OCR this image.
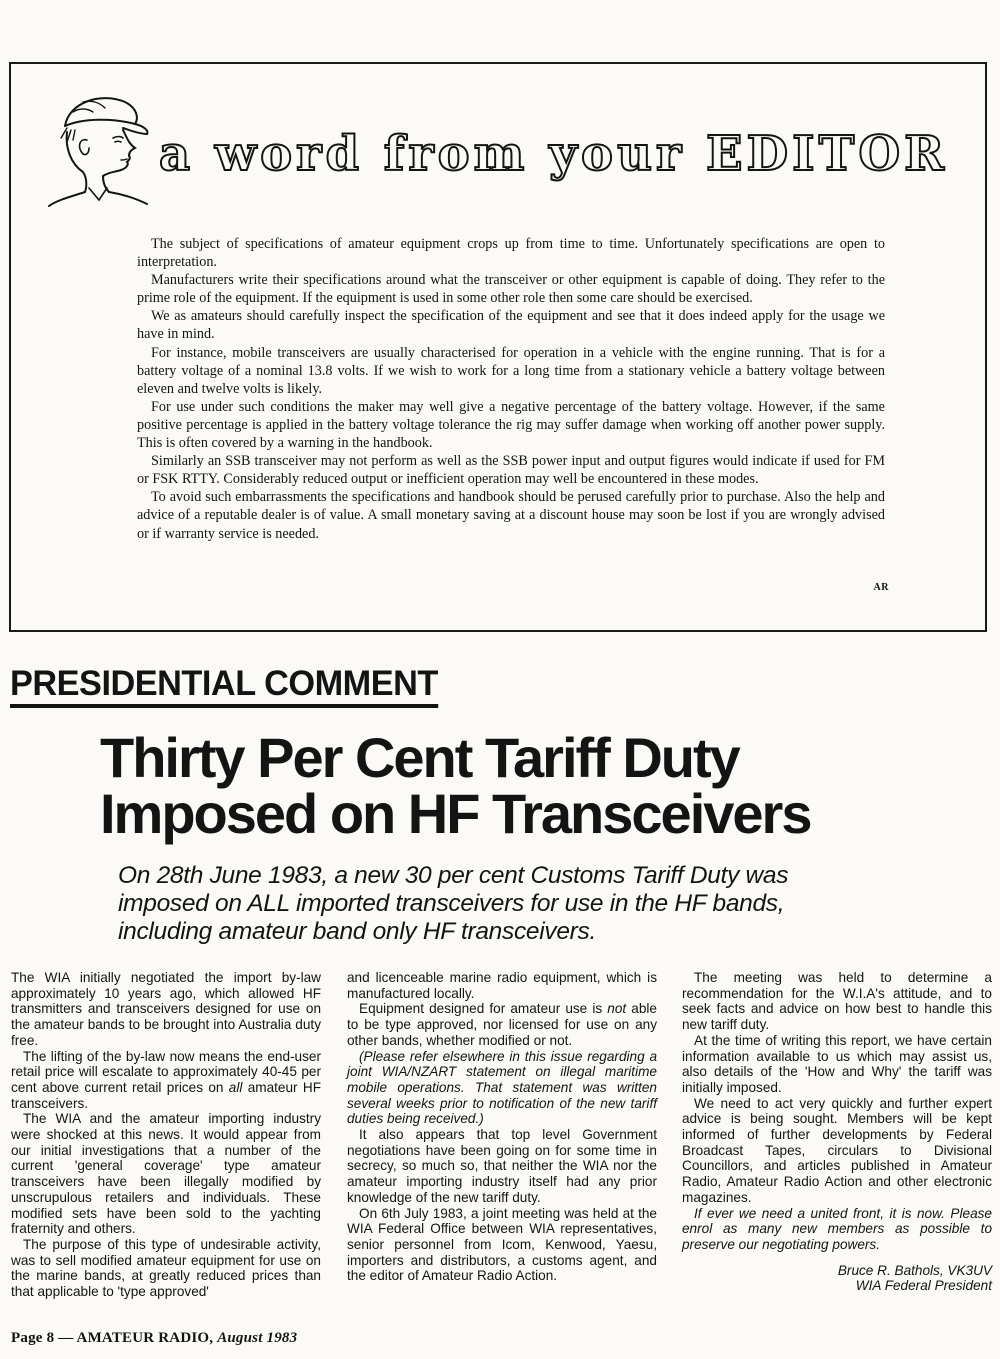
a word from your EDITOR

The subject of specifications of amateur equipment crops up from time to time. Unfortunately specifications are open to interpretation.

Manufacturers write their specifications around what the transceiver or other equipment is capable of doing. They refer to the prime role of the equipment. If the equipment is used in some other role then some care should be exercised.

We as amateurs should carefully inspect the specification of the equipment and see that it does indeed apply for the usage we have in mind.

For instance, mobile transceivers are usually characterised for operation in a vehicle with the engine running. That is for a battery voltage of a nominal 13.8 volts. If we wish to work for a long time from a stationary vehicle a battery voltage between eleven and twelve volts is likely.

For use under such conditions the maker may well give a negative percentage of the battery voltage. However, if the same positive percentage is applied in the battery voltage tolerance the rig may suffer damage when working off another power supply. This is often covered by a warning in the handbook.

Similarly an SSB transceiver may not perform as well as the SSB power input and output figures would indicate if used for FM or FSK RTTY. Considerably reduced output or inefficient operation may well be encountered in these modes.

To avoid such embarrassments the specifications and handbook should be perused carefully prior to purchase. Also the help and advice of a reputable dealer is of value. A small monetary saving at a discount house may soon be lost if you are wrongly advised or if warranty service is needed.

AR
PRESIDENTIAL COMMENT
Thirty Per Cent Tariff Duty
Imposed on HF Transceivers

On 28th June 1983, a new 30 per cent Customs Tariff Duty was
imposed on ALL imported transceivers for use in the HF bands,
including amateur band only HF transceivers.

The WIA initially negotiated the import by-law approximately 10 years ago, which allowed HF transmitters and transceivers designed for use on the amateur bands to be brought into Australia duty free.

The lifting of the by-law now means the end-user retail price will escalate to approximately 40-45 per cent above current retail prices on all amateur HF transceivers.

The WIA and the amateur importing industry were shocked at this news. It would appear from our initial investigations that a number of the current 'general coverage' type amateur transceivers have been illegally modified by unscrupulous retailers and individuals. These modified sets have been sold to the yachting fraternity and others.

The purpose of this type of undesirable activity, was to sell modified amateur equipment for use on the marine bands, at greatly reduced prices than that applicable to 'type approved'

and licenceable marine radio equipment, which is manufactured locally.

Equipment designed for amateur use is not able to be type approved, nor licensed for use on any other bands, whether modified or not.

(Please refer elsewhere in this issue regarding a joint WIA/NZART statement on illegal maritime mobile operations. That statement was written several weeks prior to notification of the new tariff duties being received.)

It also appears that top level Government negotiations have been going on for some time in secrecy, so much so, that neither the WIA nor the amateur importing industry itself had any prior knowledge of the new tariff duty.

On 6th July 1983, a joint meeting was held at the WIA Federal Office between WIA representatives, senior personnel from Icom, Kenwood, Yaesu, importers and distributors, a customs agent, and the editor of Amateur Radio Action.

The meeting was held to determine a recommendation for the W.I.A's attitude, and to seek facts and advice on how best to handle this new tariff duty.

At the time of writing this report, we have certain information available to us which may assist us, also details of the 'How and Why' the tariff was initially imposed.

We need to act very quickly and further expert advice is being sought. Members will be kept informed of further developments by Federal Broadcast Tapes, circulars to Divisional Councillors, and articles published in Amateur Radio, Amateur Radio Action and other electronic magazines.

If ever we need a united front, it is now. Please enrol as many new members as possible to preserve our negotiating powers.

Bruce R. Bathols, VK3UV
WIA Federal President
Page 8 — AMATEUR RADIO, August 1983
